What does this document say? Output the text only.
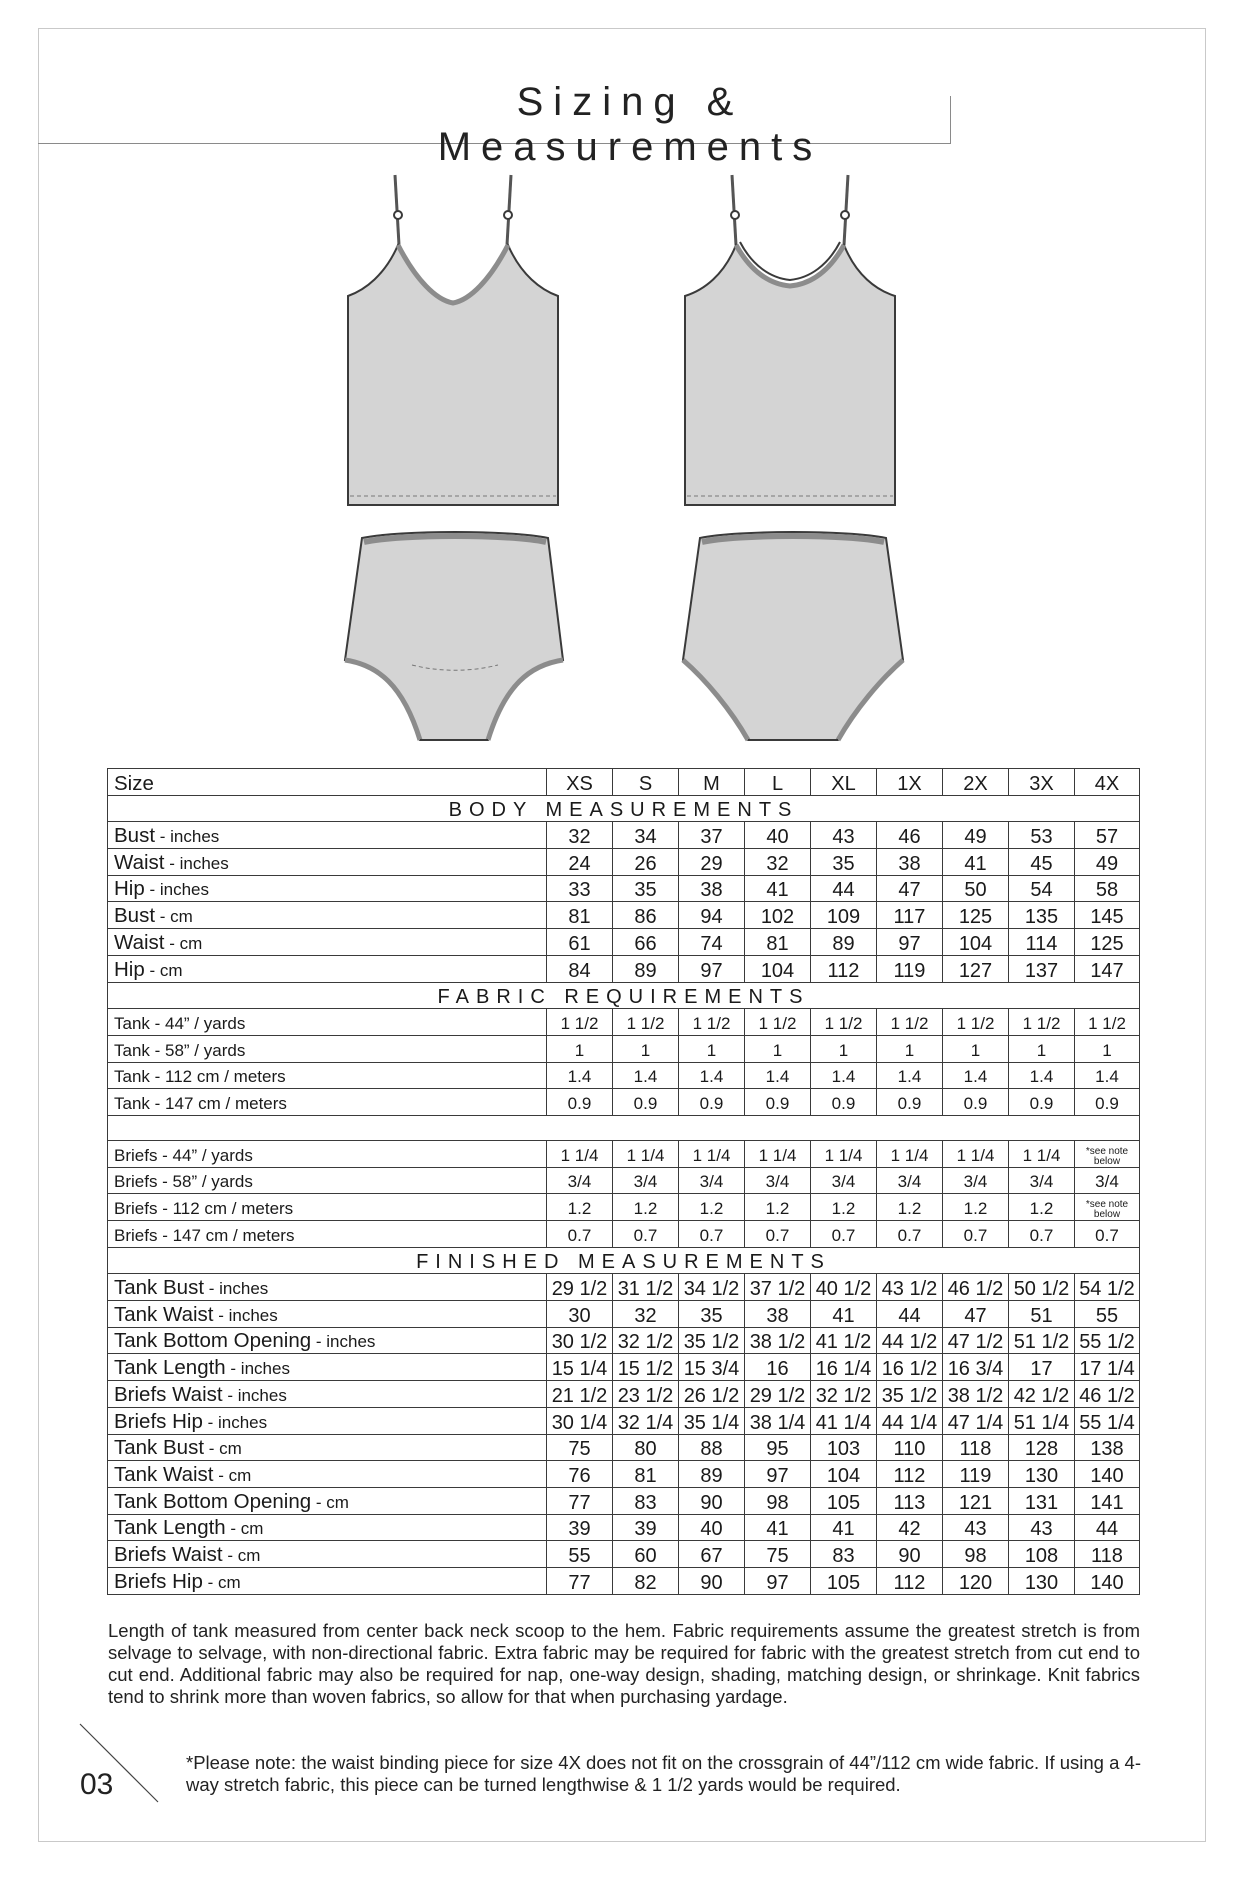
Sizing & Measurements
Size	XS	S	M	L	XL	1X	2X	3X	4X
BODY MEASUREMENTS									
Bust - inches	32	34	37	40	43	46	49	53	57
Waist - inches	24	26	29	32	35	38	41	45	49
Hip - inches	33	35	38	41	44	47	50	54	58
Bust - cm	81	86	94	102	109	117	125	135	145
Waist - cm	61	66	74	81	89	97	104	114	125
Hip - cm	84	89	97	104	112	119	127	137	147
FABRIC REQUIREMENTS									
Tank - 44” / yards	1 1/2	1 1/2	1 1/2	1 1/2	1 1/2	1 1/2	1 1/2	1 1/2	1 1/2
Tank - 58” / yards	1	1	1	1	1	1	1	1	1
Tank - 112 cm / meters	1.4	1.4	1.4	1.4	1.4	1.4	1.4	1.4	1.4
Tank - 147 cm / meters	0.9	0.9	0.9	0.9	0.9	0.9	0.9	0.9	0.9

Briefs - 44” / yards	1 1/4	1 1/4	1 1/4	1 1/4	1 1/4	1 1/4	1 1/4	1 1/4	*see note below
Briefs - 58” / yards	3/4	3/4	3/4	3/4	3/4	3/4	3/4	3/4	3/4
Briefs - 112 cm / meters	1.2	1.2	1.2	1.2	1.2	1.2	1.2	1.2	*see note below
Briefs - 147 cm / meters	0.7	0.7	0.7	0.7	0.7	0.7	0.7	0.7	0.7
FINISHED MEASUREMENTS									
Tank Bust - inches	29 1/2	31 1/2	34 1/2	37 1/2	40 1/2	43 1/2	46 1/2	50 1/2	54 1/2
Tank Waist - inches	30	32	35	38	41	44	47	51	55
Tank Bottom Opening - inches	30 1/2	32 1/2	35 1/2	38 1/2	41 1/2	44 1/2	47 1/2	51 1/2	55 1/2
Tank Length - inches	15 1/4	15 1/2	15 3/4	16	16 1/4	16 1/2	16 3/4	17	17 1/4
Briefs Waist - inches	21 1/2	23 1/2	26 1/2	29 1/2	32 1/2	35 1/2	38 1/2	42 1/2	46 1/2
Briefs Hip - inches	30 1/4	32 1/4	35 1/4	38 1/4	41 1/4	44 1/4	47 1/4	51 1/4	55 1/4
Tank Bust - cm	75	80	88	95	103	110	118	128	138
Tank Waist - cm	76	81	89	97	104	112	119	130	140
Tank Bottom Opening - cm	77	83	90	98	105	113	121	131	141
Tank Length - cm	39	39	40	41	41	42	43	43	44
Briefs Waist - cm	55	60	67	75	83	90	98	108	118
Briefs Hip - cm	77	82	90	97	105	112	120	130	140
Length of tank measured from center back neck scoop to the hem. Fabric requirements assume the greatest stretch is from selvage to selvage, with non-directional fabric. Extra fabric may be required for fabric with the greatest stretch from cut end to cut end. Additional fabric may also be required for nap, one-way design, shading, matching design, or shrinkage. Knit fabrics tend to shrink more than woven fabrics, so allow for that when purchasing yardage.
03
*Please note: the waist binding piece for size 4X does not fit on the crossgrain of 44”/112 cm wide fabric. If using a 4-way stretch fabric, this piece can be turned lengthwise & 1 1/2 yards would be required.
